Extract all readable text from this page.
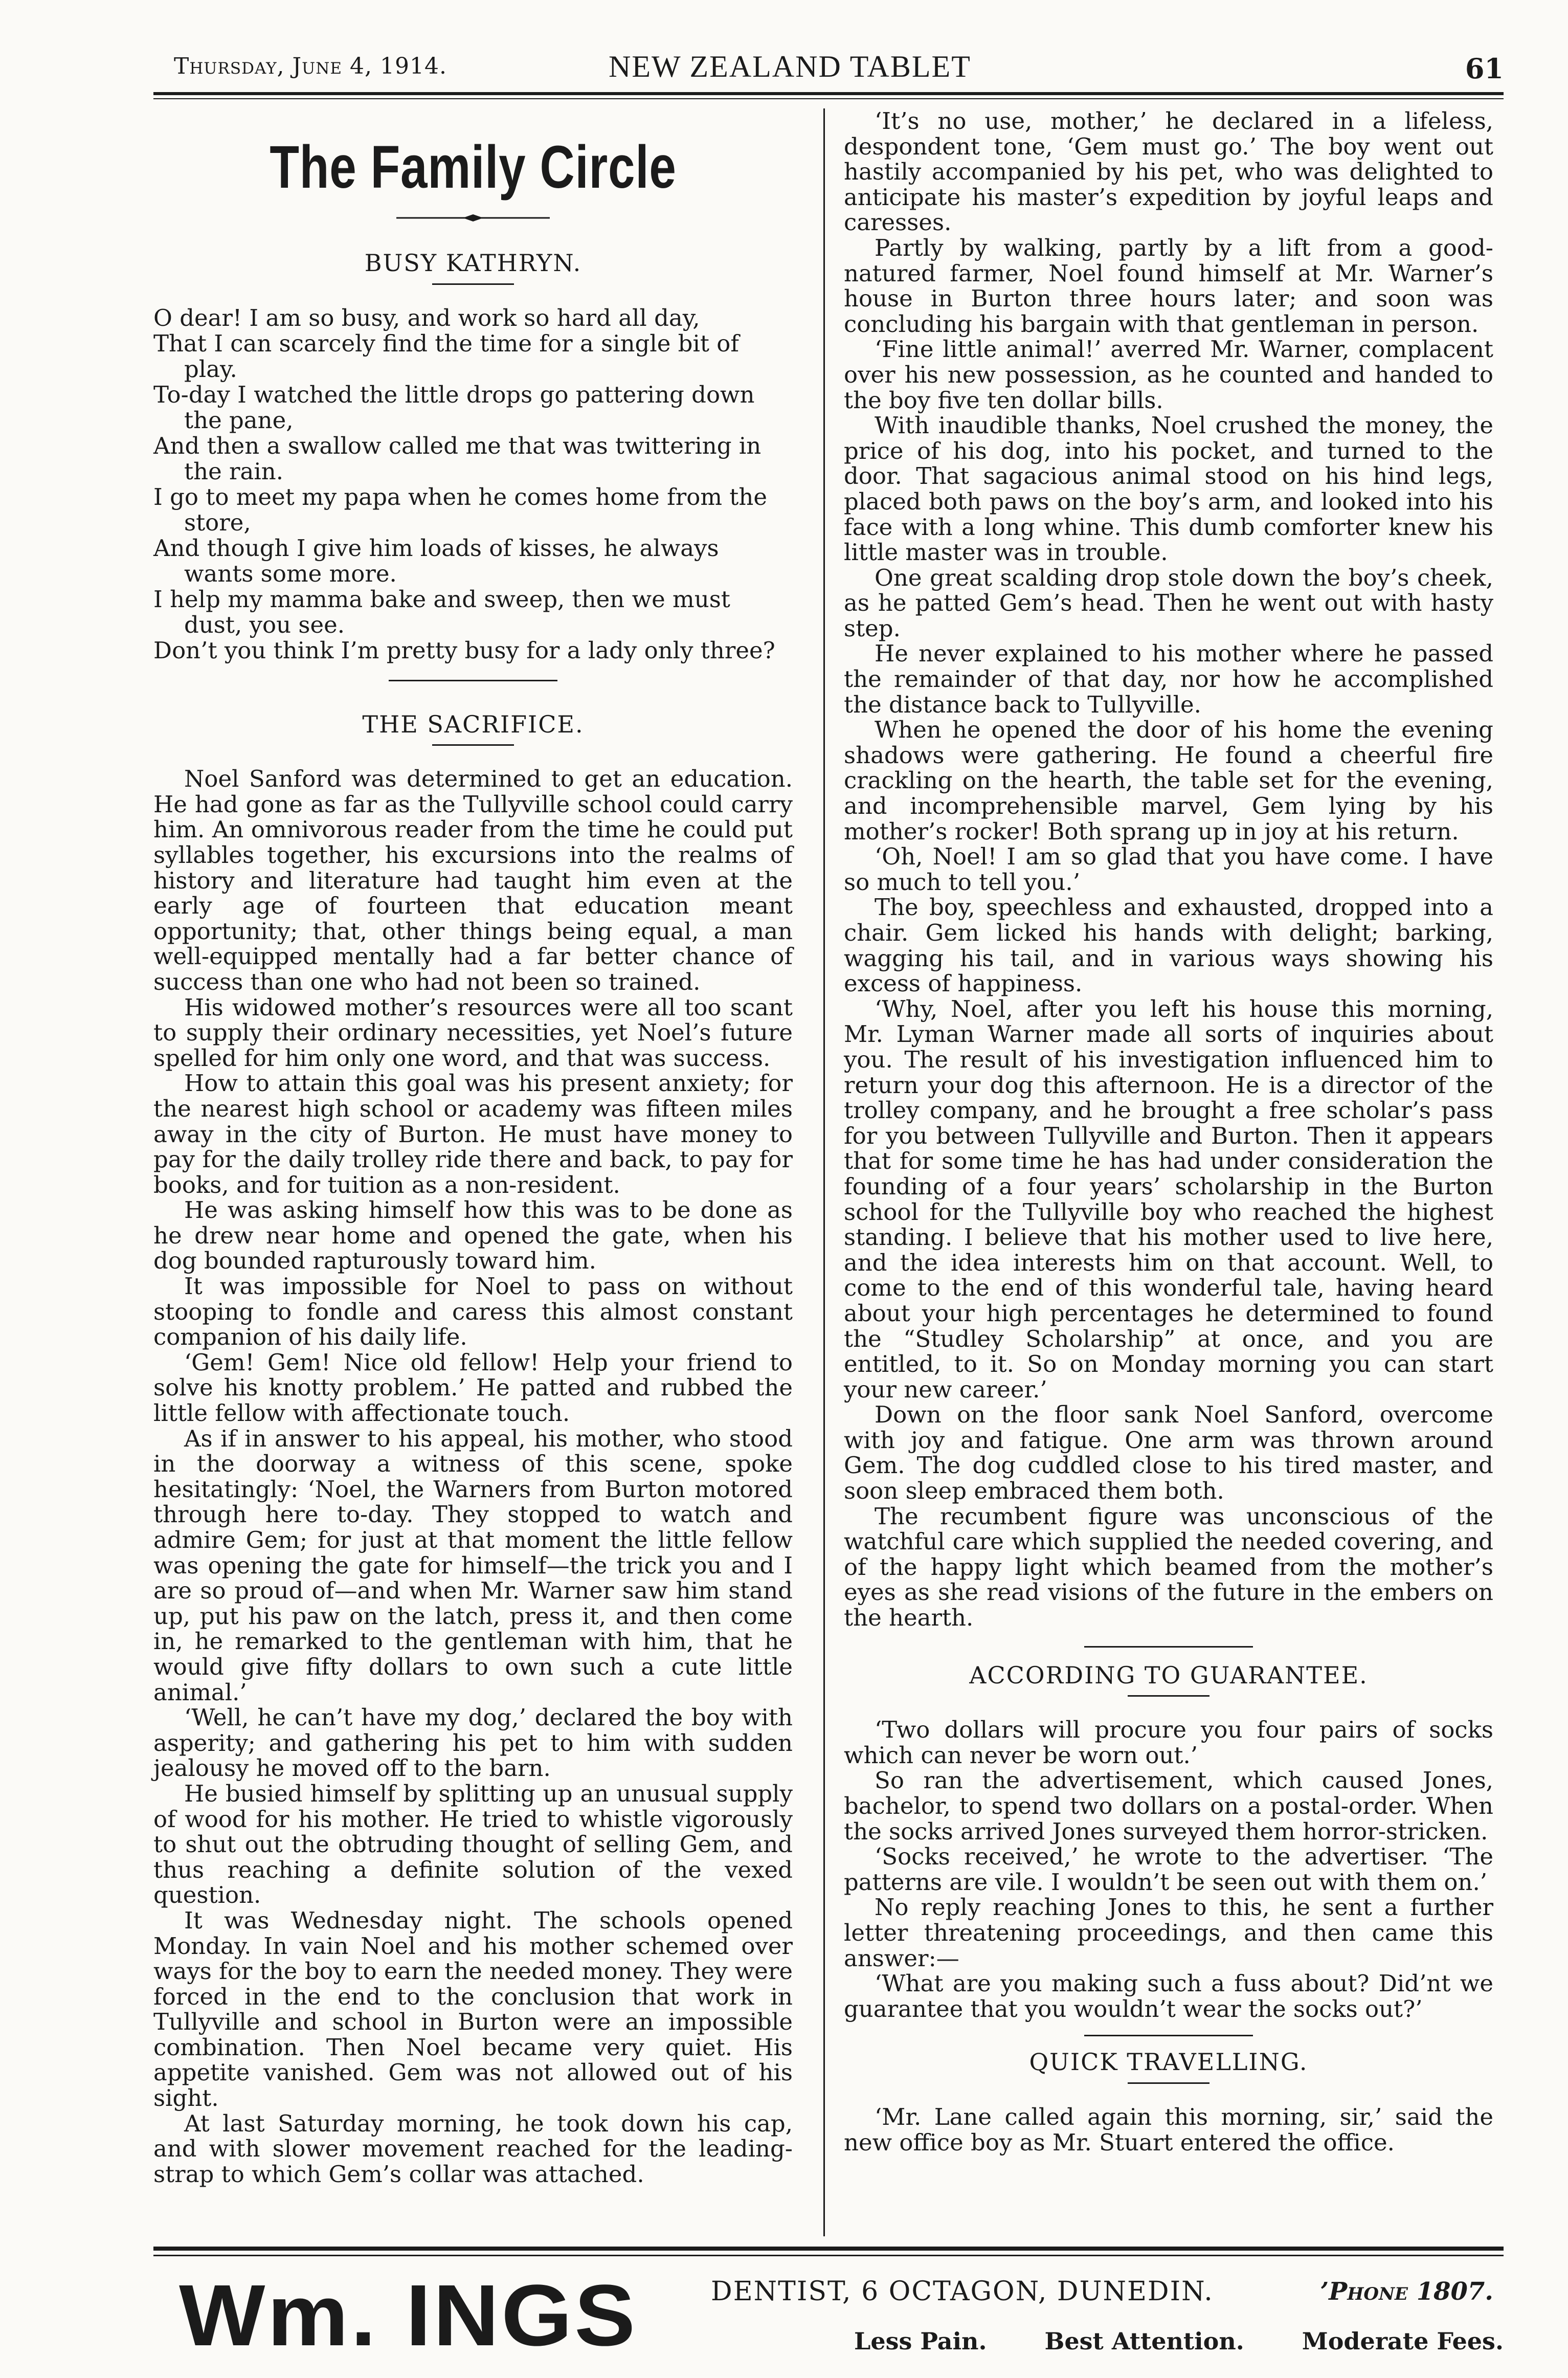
Thursday, June 4, 1914.	NEW ZEALAND TABLET	61
The Family Circle
BUSY KATHRYN.
O dear! I am so busy, and work so hard all day,
That I can scarcely find the time for a single bit of play.
To-day I watched the little drops go pattering down the pane,
And then a swallow called me that was twittering in the rain.
I go to meet my papa when he comes home from the store,
And though I give him loads of kisses, he always wants some more.
I help my mamma bake and sweep, then we must dust, you see.
Don’t you think I’m pretty busy for a lady only three?
THE SACRIFICE.

Noel Sanford was determined to get an education. He had gone as far as the Tullyville school could carry him. An omnivorous reader from the time he could put syllables together, his excursions into the realms of history and literature had taught him even at the early age of fourteen that education meant opportunity; that, other things being equal, a man well-equipped mentally had a far better chance of success than one who had not been so trained.

His widowed mother’s resources were all too scant to supply their ordinary necessities, yet Noel’s future spelled for him only one word, and that was success.

How to attain this goal was his present anxiety; for the nearest high school or academy was fifteen miles away in the city of Burton. He must have money to pay for the daily trolley ride there and back, to pay for books, and for tuition as a non-resident.

He was asking himself how this was to be done as he drew near home and opened the gate, when his dog bounded rapturously toward him.

It was impossible for Noel to pass on without stooping to fondle and caress this almost constant companion of his daily life.

‘Gem! Gem! Nice old fellow! Help your friend to solve his knotty problem.’ He patted and rubbed the little fellow with affectionate touch.

As if in answer to his appeal, his mother, who stood in the doorway a witness of this scene, spoke hesitatingly: ‘Noel, the Warners from Burton motored through here to-day. They stopped to watch and admire Gem; for just at that moment the little fellow was opening the gate for himself—the trick you and I are so proud of—and when Mr. Warner saw him stand up, put his paw on the latch, press it, and then come in, he remarked to the gentleman with him, that he would give fifty dollars to own such a cute little animal.’

‘Well, he can’t have my dog,’ declared the boy with asperity; and gathering his pet to him with sudden jealousy he moved off to the barn.

He busied himself by splitting up an unusual supply of wood for his mother. He tried to whistle vigorously to shut out the obtruding thought of selling Gem, and thus reaching a definite solution of the vexed question.

It was Wednesday night. The schools opened Monday. In vain Noel and his mother schemed over ways for the boy to earn the needed money. They were forced in the end to the conclusion that work in Tullyville and school in Burton were an impossible combination. Then Noel became very quiet. His appetite vanished. Gem was not allowed out of his sight.

At last Saturday morning, he took down his cap, and with slower movement reached for the leading-strap to which Gem’s collar was attached.

‘It’s no use, mother,’ he declared in a lifeless, despondent tone, ‘Gem must go.’ The boy went out hastily accompanied by his pet, who was delighted to anticipate his master’s expedition by joyful leaps and caresses.

Partly by walking, partly by a lift from a good-natured farmer, Noel found himself at Mr. Warner’s house in Burton three hours later; and soon was concluding his bargain with that gentleman in person.

‘Fine little animal!’ averred Mr. Warner, complacent over his new possession, as he counted and handed to the boy five ten dollar bills.

With inaudible thanks, Noel crushed the money, the price of his dog, into his pocket, and turned to the door. That sagacious animal stood on his hind legs, placed both paws on the boy’s arm, and looked into his face with a long whine. This dumb comforter knew his little master was in trouble.

One great scalding drop stole down the boy’s cheek, as he patted Gem’s head. Then he went out with hasty step.

He never explained to his mother where he passed the remainder of that day, nor how he accomplished the distance back to Tullyville.

When he opened the door of his home the evening shadows were gathering. He found a cheerful fire crackling on the hearth, the table set for the evening, and incomprehensible marvel, Gem lying by his mother’s rocker! Both sprang up in joy at his return.

‘Oh, Noel! I am so glad that you have come. I have so much to tell you.’

The boy, speechless and exhausted, dropped into a chair. Gem licked his hands with delight; barking, wagging his tail, and in various ways showing his excess of happiness.

‘Why, Noel, after you left his house this morning, Mr. Lyman Warner made all sorts of inquiries about you. The result of his investigation influenced him to return your dog this afternoon. He is a director of the trolley company, and he brought a free scholar’s pass for you between Tullyville and Burton. Then it appears that for some time he has had under consideration the founding of a four years’ scholarship in the Burton school for the Tullyville boy who reached the highest standing. I believe that his mother used to live here, and the idea interests him on that account. Well, to come to the end of this wonderful tale, having heard about your high percentages he determined to found the “Studley Scholarship” at once, and you are entitled, to it. So on Monday morning you can start your new career.’

Down on the floor sank Noel Sanford, overcome with joy and fatigue. One arm was thrown around Gem. The dog cuddled close to his tired master, and soon sleep embraced them both.

The recumbent figure was unconscious of the watchful care which supplied the needed covering, and of the happy light which beamed from the mother’s eyes as she read visions of the future in the embers on the hearth.

ACCORDING TO GUARANTEE.

‘Two dollars will procure you four pairs of socks which can never be worn out.’

So ran the advertisement, which caused Jones, bachelor, to spend two dollars on a postal-order. When the socks arrived Jones surveyed them horror-stricken.

‘Socks received,’ he wrote to the advertiser. ‘The patterns are vile. I wouldn’t be seen out with them on.’

No reply reaching Jones to this, he sent a further letter threatening proceedings, and then came this answer:—

‘What are you making such a fuss about? Did’nt we guarantee that you wouldn’t wear the socks out?’

QUICK TRAVELLING.

‘Mr. Lane called again this morning, sir,’ said the new office boy as Mr. Stuart entered the office.

Wm. INGS	DENTIST, 6 OCTAGON, DUNEDIN.	’Phone 1807.
Less Pain. Best Attention. Moderate Fees.
